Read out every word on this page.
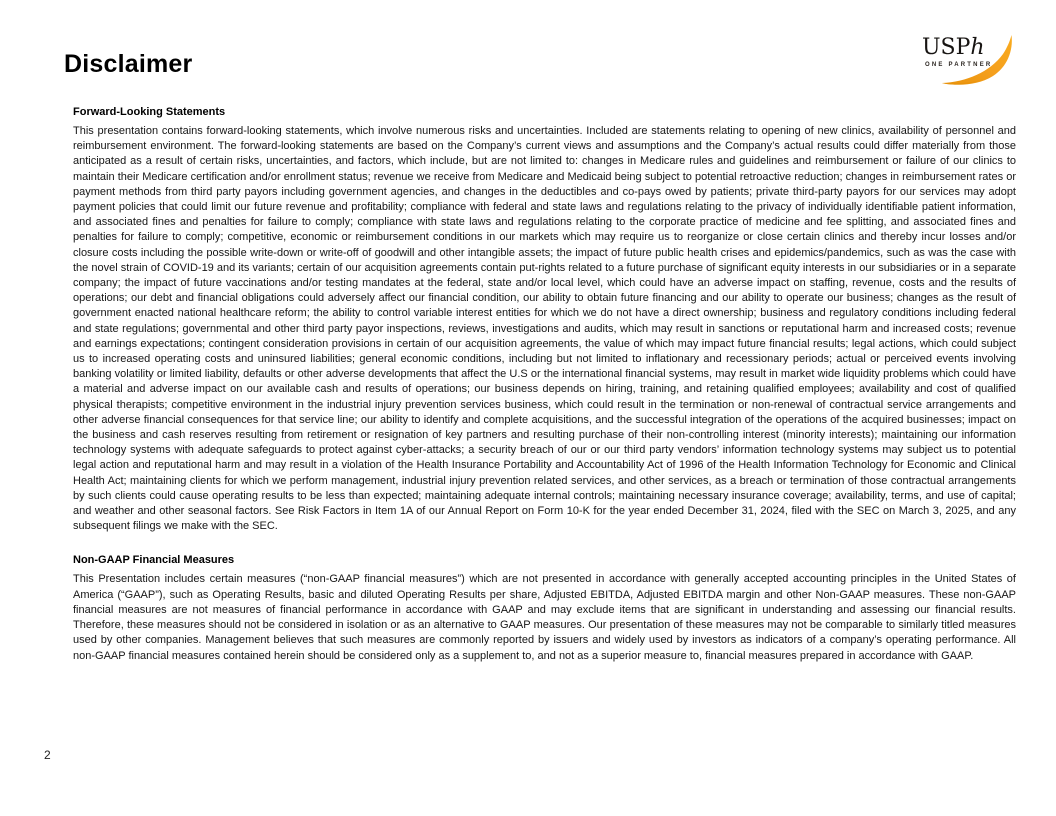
Disclaimer
USPh
ONE PARTNER
Forward-Looking Statements

This presentation contains forward-looking statements, which involve numerous risks and uncertainties. Included are statements relating to opening of new clinics, availability of personnel and reimbursement environment. The forward-looking statements are based on the Company’s current views and assumptions and the Company’s actual results could differ materially from those anticipated as a result of certain risks, uncertainties, and factors, which include, but are not limited to: changes in Medicare rules and guidelines and reimbursement or failure of our clinics to maintain their Medicare certification and/or enrollment status; revenue we receive from Medicare and Medicaid being subject to potential retroactive reduction; changes in reimbursement rates or payment methods from third party payors including government agencies, and changes in the deductibles and co-pays owed by patients; private third-party payors for our services may adopt payment policies that could limit our future revenue and profitability; compliance with federal and state laws and regulations relating to the privacy of individually identifiable patient information, and associated fines and penalties for failure to comply; compliance with state laws and regulations relating to the corporate practice of medicine and fee splitting, and associated fines and penalties for failure to comply; competitive, economic or reimbursement conditions in our markets which may require us to reorganize or close certain clinics and thereby incur losses and/or closure costs including the possible write-down or write-off of goodwill and other intangible assets; the impact of future public health crises and epidemics/pandemics, such as was the case with the novel strain of COVID-19 and its variants; certain of our acquisition agreements contain put-rights related to a future purchase of significant equity interests in our subsidiaries or in a separate company; the impact of future vaccinations and/or testing mandates at the federal, state and/or local level, which could have an adverse impact on staffing, revenue, costs and the results of operations; our debt and financial obligations could adversely affect our financial condition, our ability to obtain future financing and our ability to operate our business; changes as the result of government enacted national healthcare reform; the ability to control variable interest entities for which we do not have a direct ownership; business and regulatory conditions including federal and state regulations; governmental and other third party payor inspections, reviews, investigations and audits, which may result in sanctions or reputational harm and increased costs; revenue and earnings expectations; contingent consideration provisions in certain of our acquisition agreements, the value of which may impact future financial results; legal actions, which could subject us to increased operating costs and uninsured liabilities; general economic conditions, including but not limited to inflationary and recessionary periods; actual or perceived events involving banking volatility or limited liability, defaults or other adverse developments that affect the U.S or the international financial systems, may result in market wide liquidity problems which could have a material and adverse impact on our available cash and results of operations; our business depends on hiring, training, and retaining qualified employees; availability and cost of qualified physical therapists; competitive environment in the industrial injury prevention services business, which could result in the termination or non-renewal of contractual service arrangements and other adverse financial consequences for that service line; our ability to identify and complete acquisitions, and the successful integration of the operations of the acquired businesses; impact on the business and cash reserves resulting from retirement or resignation of key partners and resulting purchase of their non-controlling interest (minority interests); maintaining our information technology systems with adequate safeguards to protect against cyber-attacks; a security breach of our or our third party vendors’ information technology systems may subject us to potential legal action and reputational harm and may result in a violation of the Health Insurance Portability and Accountability Act of 1996 of the Health Information Technology for Economic and Clinical Health Act; maintaining clients for which we perform management, industrial injury prevention related services, and other services, as a breach or termination of those contractual arrangements by such clients could cause operating results to be less than expected; maintaining adequate internal controls; maintaining necessary insurance coverage; availability, terms, and use of capital; and weather and other seasonal factors. See Risk Factors in Item 1A of our Annual Report on Form 10-K for the year ended December 31, 2024, filed with the SEC on March 3, 2025, and any subsequent filings we make with the SEC.

Non-GAAP Financial Measures

This Presentation includes certain measures (“non-GAAP financial measures”) which are not presented in accordance with generally accepted accounting principles in the United States of America (“GAAP”), such as Operating Results, basic and diluted Operating Results per share, Adjusted EBITDA, Adjusted EBITDA margin and other Non-GAAP measures. These non-GAAP financial measures are not measures of financial performance in accordance with GAAP and may exclude items that are significant in understanding and assessing our financial results. Therefore, these measures should not be considered in isolation or as an alternative to GAAP measures. Our presentation of these measures may not be comparable to similarly titled measures used by other companies. Management believes that such measures are commonly reported by issuers and widely used by investors as indicators of a company’s operating performance. All non-GAAP financial measures contained herein should be considered only as a supplement to, and not as a superior measure to, financial measures prepared in accordance with GAAP.

2
